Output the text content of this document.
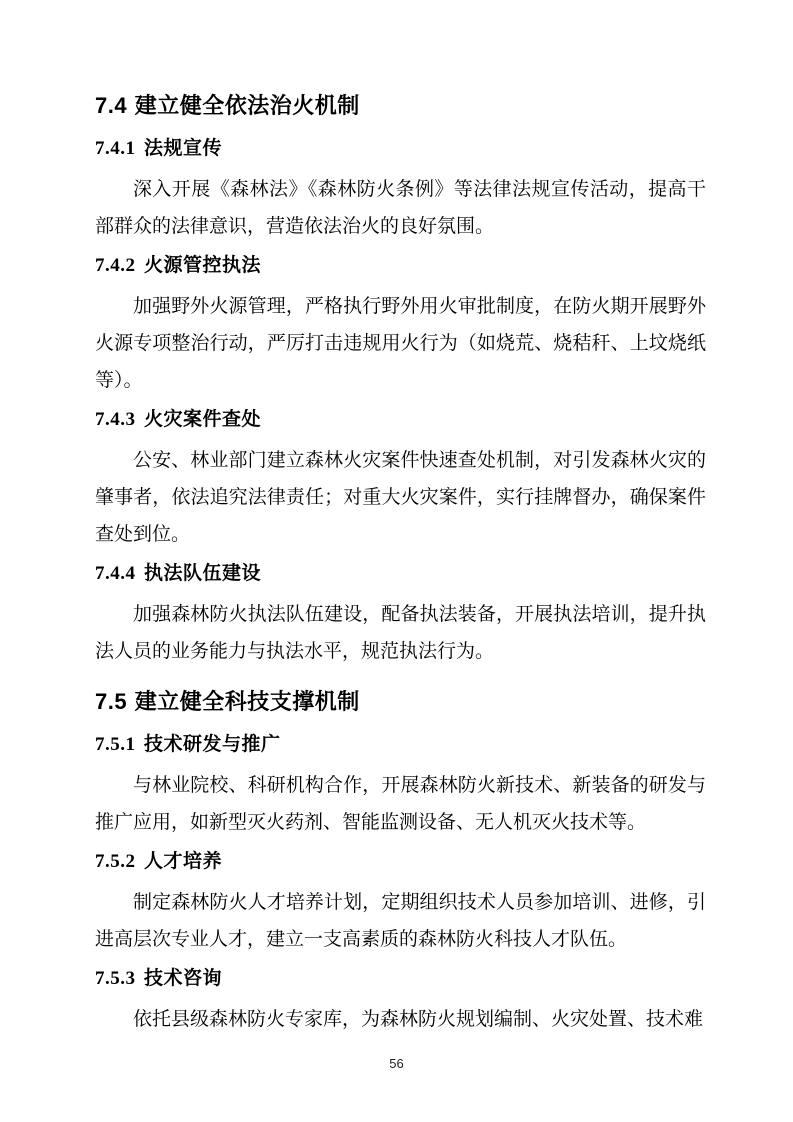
7.4 建立健全依法治火机制
7.4.1 法规宣传

深入开展《森林法》《森林防火条例》等法律法规宣传活动，提高干部群众的法律意识，营造依法治火的良好氛围。

7.4.2 火源管控执法

加强野外火源管理，严格执行野外用火审批制度，在防火期开展野外火源专项整治行动，严厉打击违规用火行为（如烧荒、烧秸秆、上坟烧纸等）。

7.4.3 火灾案件查处

公安、林业部门建立森林火灾案件快速查处机制，对引发森林火灾的肇事者，依法追究法律责任；对重大火灾案件，实行挂牌督办，确保案件查处到位。

7.4.4 执法队伍建设

加强森林防火执法队伍建设，配备执法装备，开展执法培训，提升执法人员的业务能力与执法水平，规范执法行为。

7.5 建立健全科技支撑机制
7.5.1 技术研发与推广

与林业院校、科研机构合作，开展森林防火新技术、新装备的研发与推广应用，如新型灭火药剂、智能监测设备、无人机灭火技术等。

7.5.2 人才培养

制定森林防火人才培养计划，定期组织技术人员参加培训、进修，引进高层次专业人才，建立一支高素质的森林防火科技人才队伍。

7.5.3 技术咨询

依托县级森林防火专家库，为森林防火规划编制、火灾处置、技术难

56
